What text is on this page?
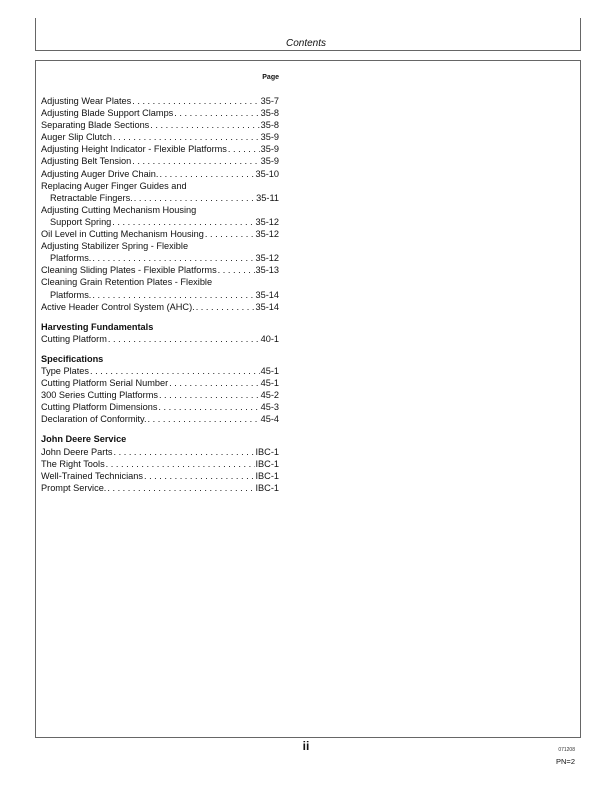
Contents
Page
Adjusting Wear Plates . . .	35-7
Adjusting Blade Support Clamps . . .	35-8
Separating Blade Sections . . .	35-8
Auger Slip Clutch . . .	35-9
Adjusting Height Indicator - Flexible Platforms . . .	35-9
Adjusting Belt Tension . . .	35-9
Adjusting Auger Drive Chain. . . .	35-10
Replacing Auger Finger Guides and
Retractable Fingers. . . .	35-11
Adjusting Cutting Mechanism Housing
Support Spring . . .	35-12
Oil Level in Cutting Mechanism Housing . . .	35-12
Adjusting Stabilizer Spring - Flexible
Platforms. . . .	35-12
Cleaning Sliding Plates - Flexible Platforms . . .	35-13
Cleaning Grain Retention Plates - Flexible
Platforms. . . .	35-14
Active Header Control System (AHC). . . .	35-14
Harvesting Fundamentals
Cutting Platform . . .	40-1
Specifications
Type Plates . . .	45-1
Cutting Platform Serial Number . . .	45-1
300 Series Cutting Platforms . . .	45-2
Cutting Platform Dimensions . . .	45-3
Declaration of Conformity. . . .	45-4
John Deere Service
John Deere Parts . . .	IBC-1
The Right Tools . . .	IBC-1
Well-Trained Technicians . . .	IBC-1
Prompt Service. . . .	IBC-1
ii	071208
PN=2
